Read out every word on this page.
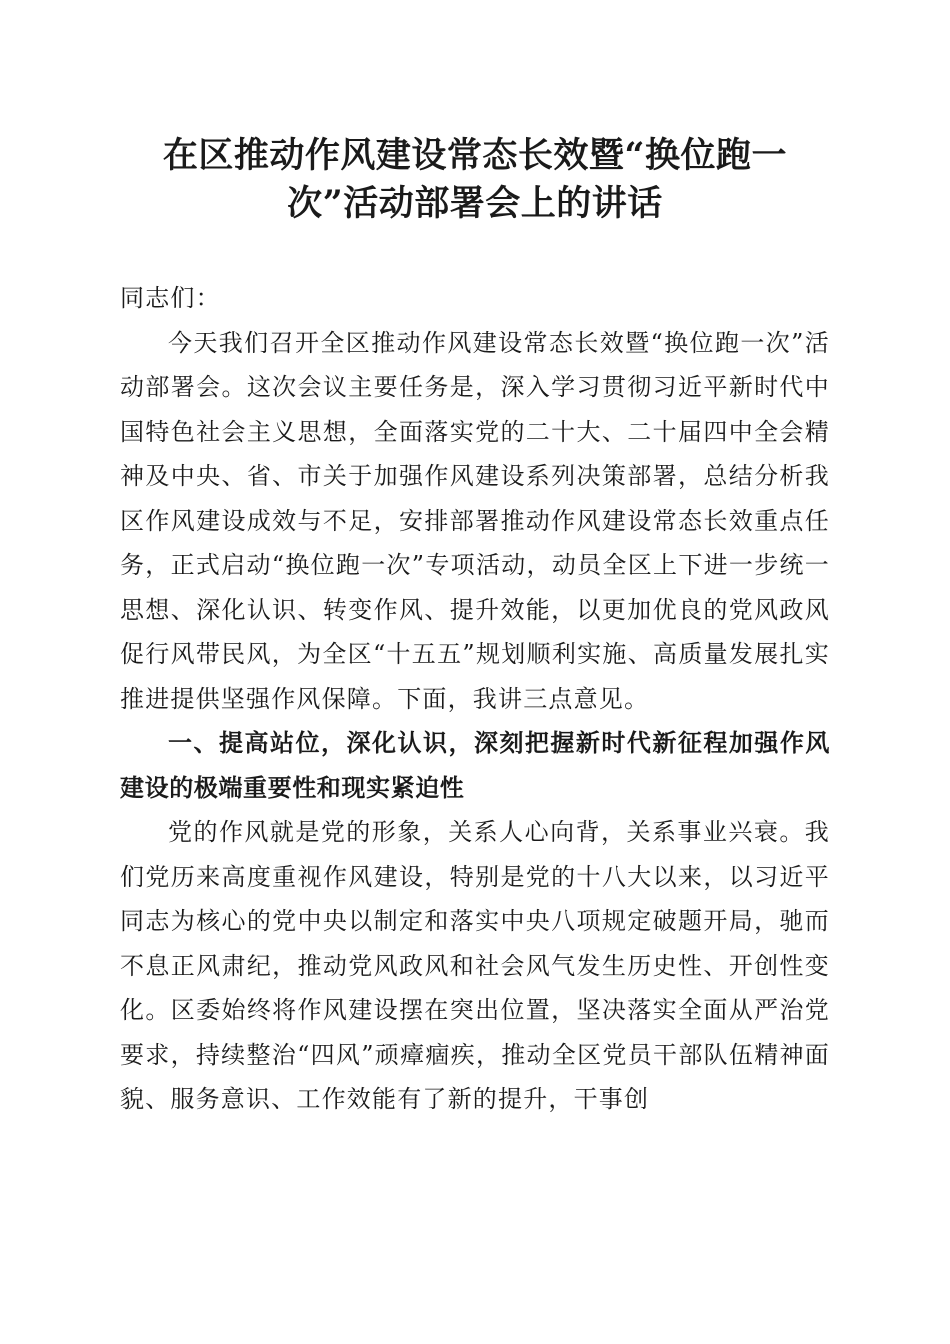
在区推动作风建设常态长效暨“换位跑一
次”活动部署会上的讲话

同志们：

今天我们召开全区推动作风建设常态长效暨“换位跑一次”活动部署会。这次会议主要任务是，深入学习贯彻习近平新时代中国特色社会主义思想，全面落实党的二十大、二十届四中全会精神及中央、省、市关于加强作风建设系列决策部署，总结分析我区作风建设成效与不足，安排部署推动作风建设常态长效重点任务，正式启动“换位跑一次”专项活动，动员全区上下进一步统一思想、深化认识、转变作风、提升效能，以更加优良的党风政风促行风带民风，为全区“十五五”规划顺利实施、高质量发展扎实推进提供坚强作风保障。下面，我讲三点意见。

一、提高站位，深化认识，深刻把握新时代新征程加强作风建设的极端重要性和现实紧迫性

党的作风就是党的形象，关系人心向背，关系事业兴衰。我们党历来高度重视作风建设，特别是党的十八大以来，以习近平同志为核心的党中央以制定和落实中央八项规定破题开局，驰而不息正风肃纪，推动党风政风和社会风气发生历史性、开创性变化。区委始终将作风建设摆在突出位置，坚决落实全面从严治党要求，持续整治“四风”顽瘴痼疾，推动全区党员干部队伍精神面貌、服务意识、工作效能有了新的提升，干事创
